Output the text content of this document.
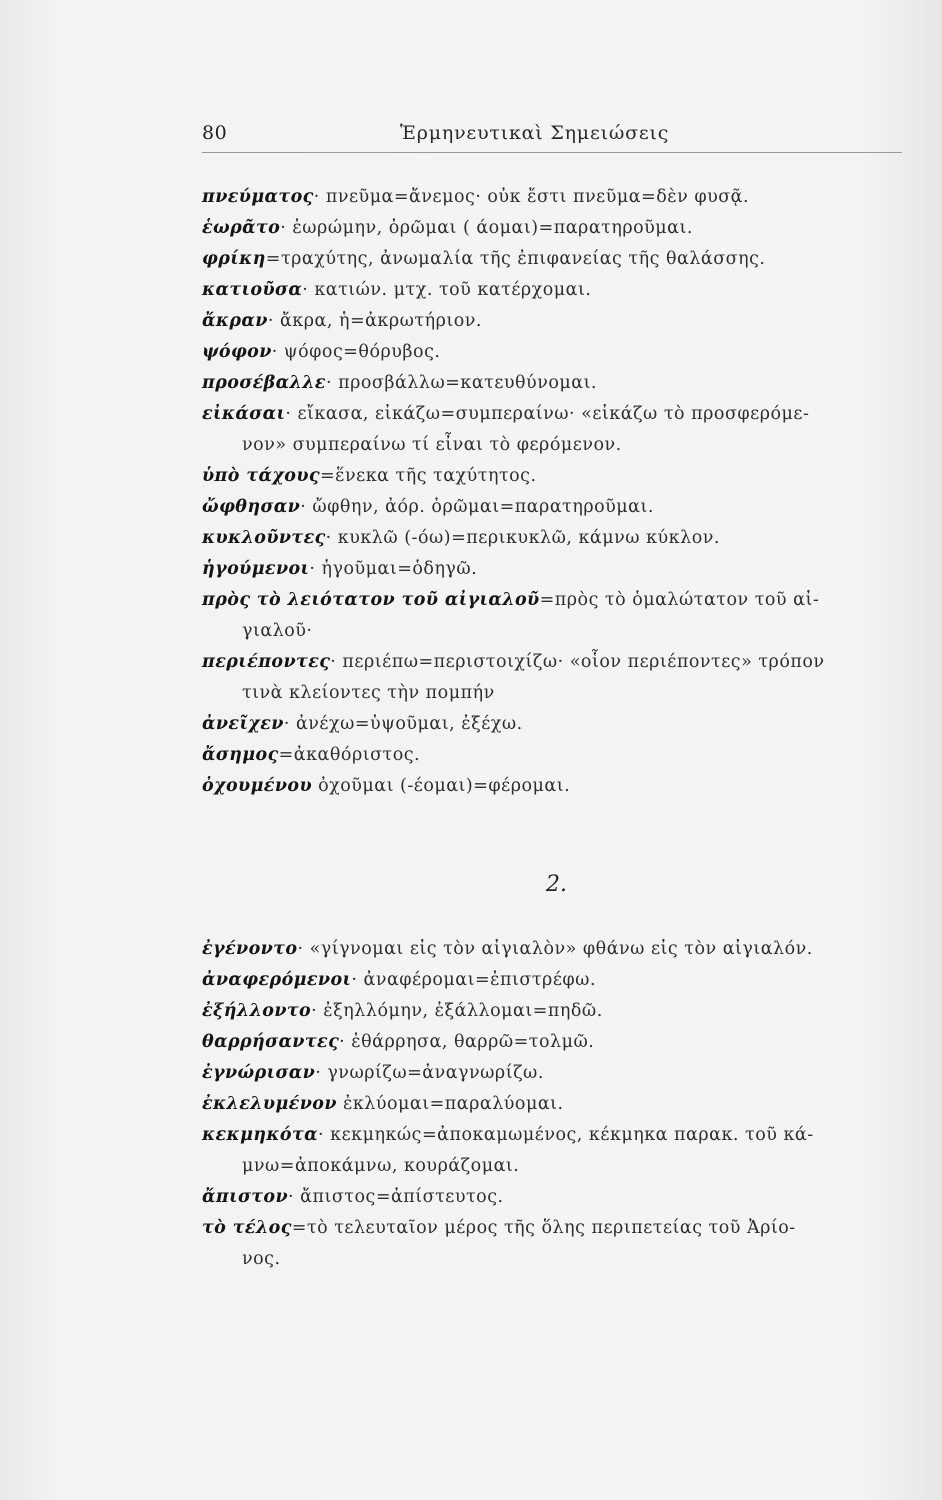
80	Ἑρμηνευτικαὶ Σημειώσεις

πνεύματος· πνεῦμα=ἄνεμος· οὐκ ἔστι πνεῦμα=δὲν φυσᾷ.

ἑωρᾶτο· ἑωρώμην, ὁρῶμαι ( άομαι)=παρατηροῦμαι.

φρίκη=τραχύτης, ἀνωμαλία τῆς ἐπιφανείας τῆς θαλάσσης.

κατιοῦσα· κατιών. μτχ. τοῦ κατέρχομαι.

ἄκραν· ἄκρα, ἡ=ἀκρωτήριον.

ψόφον· ψόφος=θόρυβος.

προσέβαλλε· προσβάλλω=κατευθύνομαι.

εἰκάσαι· εἴκασα, εἰκάζω=συμπεραίνω· «εἰκάζω τὸ προσφερόμε-

νον» συμπεραίνω τί εἶναι τὸ φερόμενον.

ὑπὸ τάχους=ἕνεκα τῆς ταχύτητος.

ὤφθησαν· ὤφθην, ἀόρ. ὁρῶμαι=παρατηροῦμαι.

κυκλοῦντες· κυκλῶ (-όω)=περικυκλῶ, κάμνω κύκλον.

ἡγούμενοι· ἡγοῦμαι=ὁδηγῶ.

πρὸς τὸ λειότατον τοῦ αἰγιαλοῦ=πρὸς τὸ ὁμαλώτατον τοῦ αἰ-

γιαλοῦ·

περιέποντες· περιέπω=περιστοιχίζω· «οἷον περιέποντες» τρόπον

τινὰ κλείοντες τὴν πομπήν

ἀνεῖχεν· ἀνέχω=ὑψοῦμαι, ἐξέχω.

ἄσημος=ἀκαθόριστος.

ὀχουμένου ὀχοῦμαι (-έομαι)=φέρομαι.

2.

ἐγένοντο· «γίγνομαι εἰς τὸν αἰγιαλὸν» φθάνω εἰς τὸν αἰγιαλόν.

ἀναφερόμενοι· ἀναφέρομαι=ἐπιστρέφω.

ἐξήλλοντο· ἐξηλλόμην, ἐξάλλομαι=πηδῶ.

θαρρήσαντες· ἐθάρρησα, θαρρῶ=τολμῶ.

ἐγνώρισαν· γνωρίζω=ἀναγνωρίζω.

ἐκλελυμένον ἐκλύομαι=παραλύομαι.

κεκμηκότα· κεκμηκώς=ἀποκαμωμένος, κέκμηκα παρακ. τοῦ κά-

μνω=ἀποκάμνω, κουράζομαι.

ἄπιστον· ἄπιστος=ἀπίστευτος.

τὸ τέλος=τὸ τελευταῖον μέρος τῆς ὅλης περιπετείας τοῦ Ἀρίο-

νος.
